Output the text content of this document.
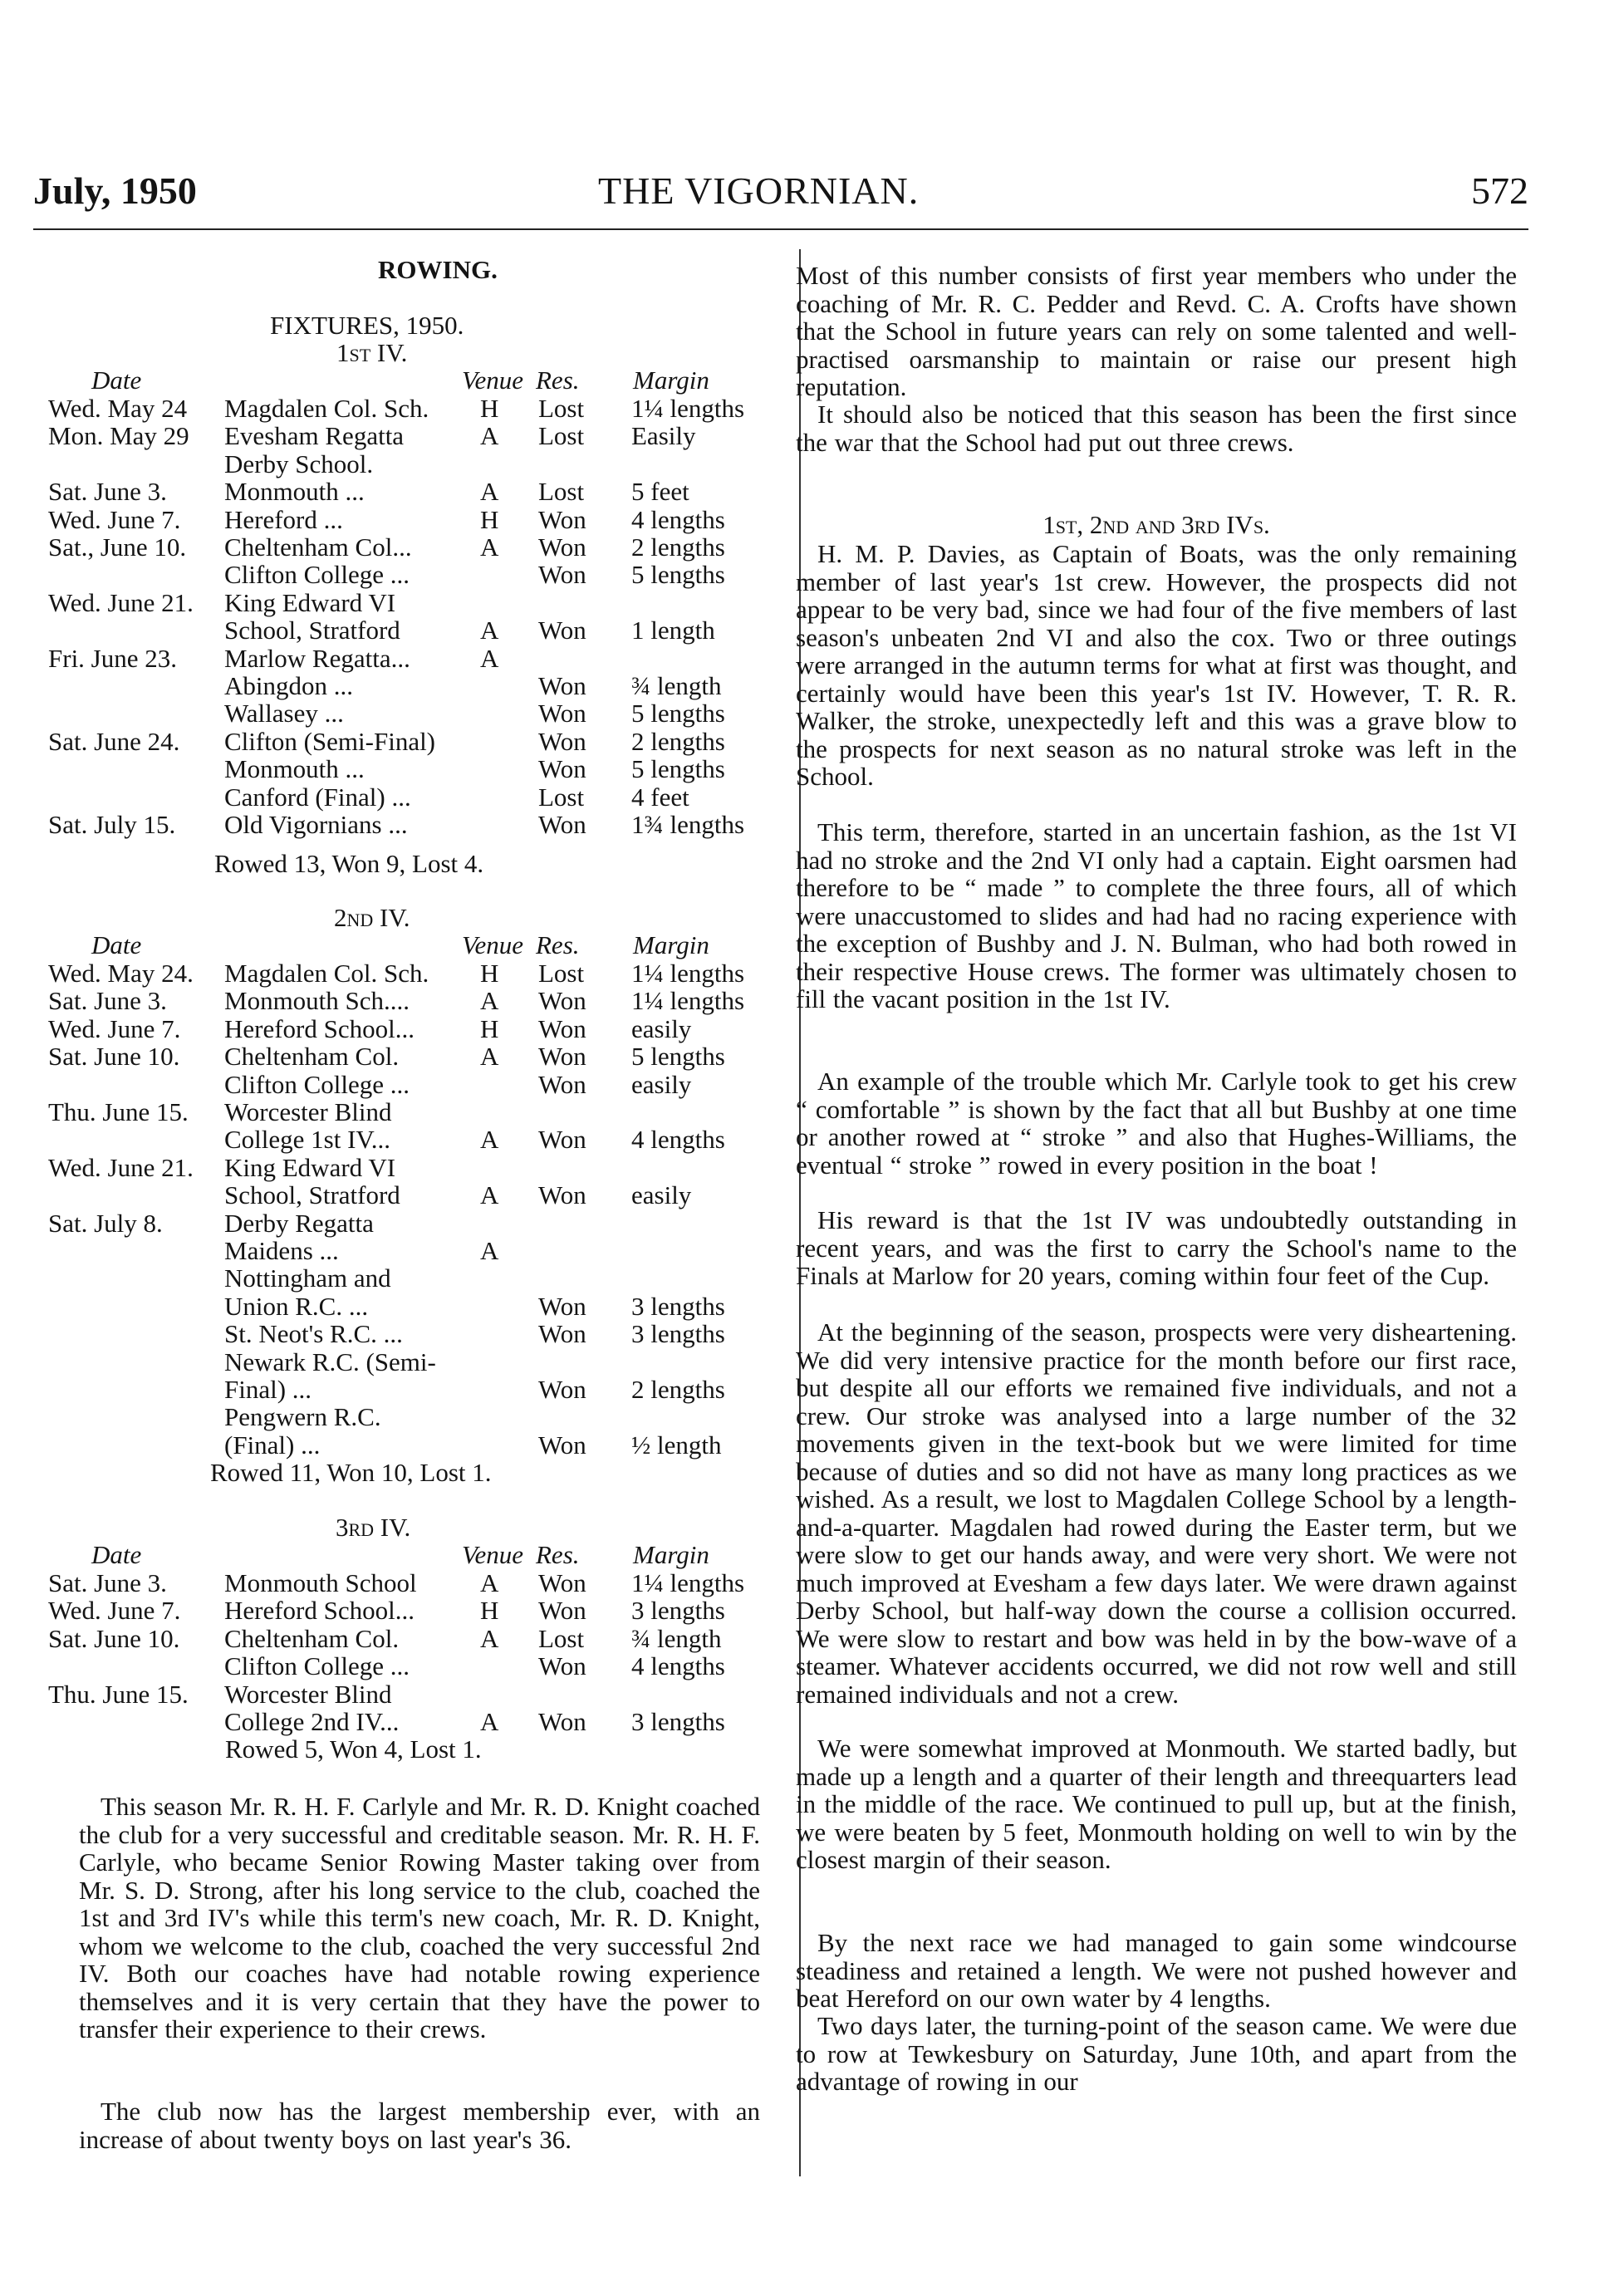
July, 1950	THE VIGORNIAN.	572
ROWING.
FIXTURES, 1950.
1st IV.
Date	Venue Res. Margin
Wed. May 24 Magdalen Col. Sch. H Lost 1¼ lengths
Mon. May 29 Evesham Regatta	A Lost Easily
Derby School.
Sat. June 3. Monmouth ...	A Lost 5 feet
Wed. June 7. Hereford ...	H Won 4 lengths
Sat., June 10. Cheltenham Col...	A Won 2 lengths
Clifton College ...	Won 5 lengths
Wed. June 21. King Edward VI
School, Stratford	A Won 1 length
Fri. June 23. Marlow Regatta...	A
Abingdon ...	Won ¾ length
Wallasey ...	Won 5 lengths
Sat. June 24. Clifton (Semi-Final)	Won 2 lengths
Monmouth ...	Won 5 lengths
Canford (Final) ...	Lost 4 feet
Sat. July 15. Old Vigornians ...	Won 1¾ lengths
Rowed 13, Won 9, Lost 4.
2nd IV.
Date	Venue Res. Margin
Wed. May 24. Magdalen Col. Sch. H Lost 1¼ lengths
Sat. June 3. Monmouth Sch....	A Won 1¼ lengths
Wed. June 7. Hereford School...	H Won easily
Sat. June 10. Cheltenham Col.	A Won 5 lengths
Clifton College ...	Won easily
Thu. June 15. Worcester Blind
College 1st IV...	A Won 4 lengths
Wed. June 21. King Edward VI
School, Stratford	A Won easily
Sat. July 8. Derby Regatta
Maidens ...	A
Nottingham and
Union R.C. ...	Won 3 lengths
St. Neot's R.C. ...	Won 3 lengths
Newark R.C. (Semi-
Final) ...	Won 2 lengths
Pengwern R.C.
(Final) ...	Won ½ length
Rowed 11, Won 10, Lost 1.
3rd IV.
Date	Venue Res. Margin
Sat. June 3. Monmouth School A Won 1¼ lengths
Wed. June 7. Hereford School...	H Won 3 lengths
Sat. June 10. Cheltenham Col.	A Lost ¾ length
Clifton College ...	Won 4 lengths
Thu. June 15. Worcester Blind
College 2nd IV...	A Won 3 lengths
Rowed 5, Won 4, Lost 1.
This season Mr. R. H. F. Carlyle and Mr. R. D. Knight coached the club for a very successful and creditable season. Mr. R. H. F. Carlyle, who became Senior Rowing Master taking over from Mr. S. D. Strong, after his long service to the club, coached the 1st and 3rd IV's while this term's new coach, Mr. R. D. Knight, whom we welcome to the club, coached the very successful 2nd IV. Both our coaches have had notable rowing experience themselves and it is very certain that they have the power to transfer their experience to their crews.
The club now has the largest membership ever, with an increase of about twenty boys on last year's 36.
Most of this number consists of first year members who under the coaching of Mr. R. C. Pedder and Revd. C. A. Crofts have shown that the School in future years can rely on some talented and well-practised oarsmanship to maintain or raise our present high reputation.
It should also be noticed that this season has been the first since the war that the School had put out three crews.
1st, 2nd and 3rd IVs.
H. M. P. Davies, as Captain of Boats, was the only remaining member of last year's 1st crew. However, the prospects did not appear to be very bad, since we had four of the five members of last season's unbeaten 2nd VI and also the cox. Two or three outings were arranged in the autumn terms for what at first was thought, and certainly would have been this year's 1st IV. However, T. R. R. Walker, the stroke, unexpectedly left and this was a grave blow to the prospects for next season as no natural stroke was left in the School.
This term, therefore, started in an uncertain fashion, as the 1st VI had no stroke and the 2nd VI only had a captain. Eight oarsmen had therefore to be “ made ” to complete the three fours, all of which were unaccustomed to slides and had had no racing experience with the exception of Bushby and J. N. Bulman, who had both rowed in their respective House crews. The former was ultimately chosen to fill the vacant position in the 1st IV.
An example of the trouble which Mr. Carlyle took to get his crew “ comfortable ” is shown by the fact that all but Bushby at one time or another rowed at “ stroke ” and also that Hughes-Williams, the eventual “ stroke ” rowed in every position in the boat !
His reward is that the 1st IV was undoubtedly outstanding in recent years, and was the first to carry the School's name to the Finals at Marlow for 20 years, coming within four feet of the Cup.
At the beginning of the season, prospects were very disheartening. We did very intensive practice for the month before our first race, but despite all our efforts we remained five individuals, and not a crew. Our stroke was analysed into a large number of the 32 movements given in the text-book but we were limited for time because of duties and so did not have as many long practices as we wished. As a result, we lost to Magdalen College School by a length-and-a-quarter. Magdalen had rowed during the Easter term, but we were slow to get our hands away, and were very short. We were not much improved at Evesham a few days later. We were drawn against Derby School, but half-way down the course a collision occurred. We were slow to restart and bow was held in by the bow-wave of a steamer. Whatever accidents occurred, we did not row well and still remained individuals and not a crew.
We were somewhat improved at Monmouth. We started badly, but made up a length and a quarter of their length and threequarters lead in the middle of the race. We continued to pull up, but at the finish, we were beaten by 5 feet, Monmouth holding on well to win by the closest margin of their season.
By the next race we had managed to gain some windcourse steadiness and retained a length. We were not pushed however and beat Hereford on our own water by 4 lengths.
Two days later, the turning-point of the season came. We were due to row at Tewkesbury on Saturday, June 10th, and apart from the advantage of rowing in our
